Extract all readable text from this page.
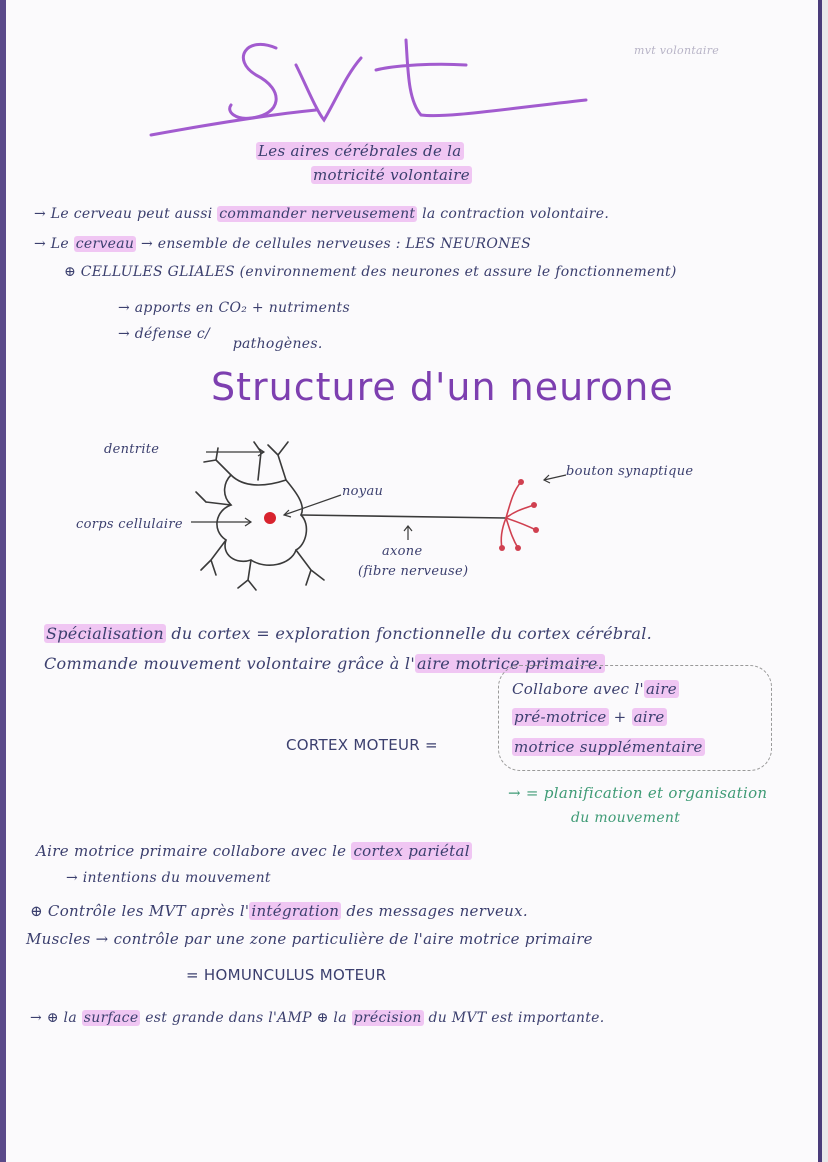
mvt volontaire
Les aires cérébrales de la
motricité volontaire
→ Le cerveau peut aussi commander nerveusement la contraction volontaire.
→ Le cerveau → ensemble de cellules nerveuses : LES NEURONES
⊕ CELLULES GLIALES (environnement des neurones et assure le fonctionnement)
→ apports en CO₂ + nutriments
→ défense c/ pathogènes.
Structure d'un neurone
dentrite
noyau
bouton synaptique
corps cellulaire
axone
(fibre nerveuse)
Spécialisation du cortex = exploration fonctionnelle du cortex cérébral.
Commande mouvement volontaire grâce à l' aire motrice primaire.
CORTEX MOTEUR =
Collabore avec l' aire
pré-motrice + aire
motrice supplémentaire
→ = planification et organisation
du mouvement
Aire motrice primaire collabore avec le cortex pariétal
→ intentions du mouvement
⊕ Contrôle les MVT après l' intégration des messages nerveux.
Muscles → contrôle par une zone particulière de l'aire motrice primaire
= HOMUNCULUS MOTEUR
→ ⊕ la surface est grande dans l'AMP ⊕ la précision du MVT est importante.
